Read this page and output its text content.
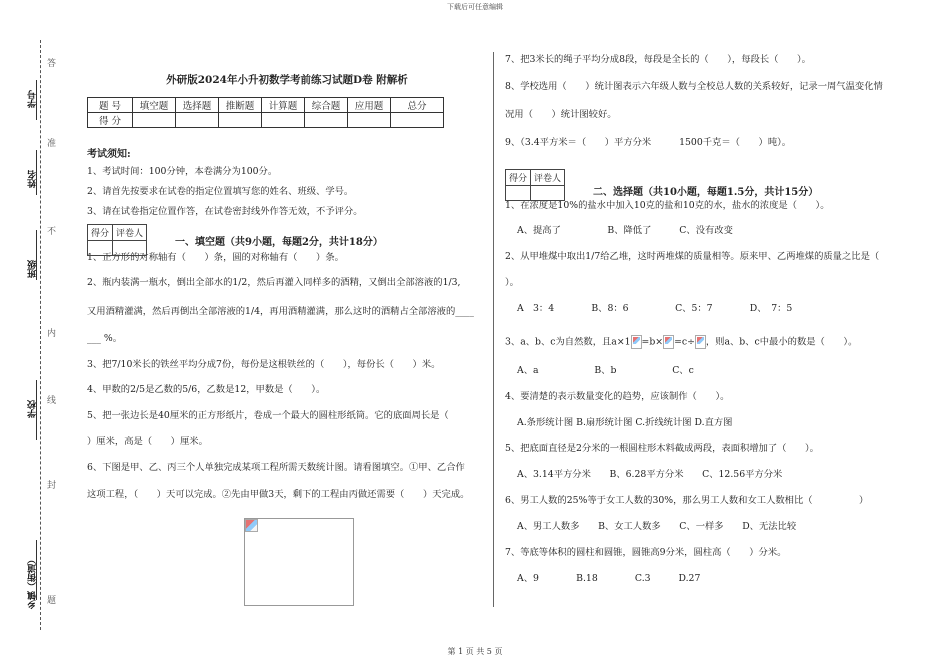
下载后可任意编辑
学号
姓名
班级
学校
乡镇（街道）
答
准
不
内
线
封
题
外研版2024年小升初数学考前练习试题D卷 附解析
题 号	填空题	选择题	推断题	计算题	综合题	应用题	总分
得 分							
考试须知:
1、考试时间：100分钟，本卷满分为100分。
2、请首先按要求在试卷的指定位置填写您的姓名、班级、学号。
3、请在试卷指定位置作答，在试卷密封线外作答无效，不予评分。
得分	评卷人

一、填空题（共9小题，每题2分，共计18分）
1、正方形的对称轴有（　　）条，圆的对称轴有（　　）条。
2、瓶内装满一瓶水，倒出全部水的1/2，然后再灌入同样多的酒精，又倒出全部溶液的1/3,
又用酒精灌满，然后再倒出全部溶液的1/4，再用酒精灌满，那么这时的酒精占全部溶液的____
___ %。
3、把7/10米长的铁丝平均分成7份，每份是这根铁丝的（　　），每份长（　　）米。
4、甲数的2/5是乙数的5/6，乙数是12，甲数是（　　）。
5、把一张边长是40厘米的正方形纸片，卷成一个最大的圆柱形纸筒。它的底面周长是（
）厘米，高是（　　）厘米。
6、下图是甲、乙、丙三个人单独完成某项工程所需天数统计图。请看图填空。①甲、乙合作
这项工程，（　　）天可以完成。②先由甲做3天，剩下的工程由丙做还需要（　　）天完成。
7、把3米长的绳子平均分成8段，每段是全长的（　　），每段长（　　）。
8、学校选用（　　）统计图表示六年级人数与全校总人数的关系较好，记录一周气温变化情
况用（　　）统计图较好。
9、（3.4平方米＝（　　）平方分米　　　1500千克＝（　　）吨）。
得分	评卷人

二、选择题（共10小题，每题1.5分，共计15分）
1、在浓度是10%的盐水中加入10克的盐和10克的水，盐水的浓度是（　　）。
A、提高了　　　　　B、降低了　　　C、没有改变
2、从甲堆煤中取出1/7给乙堆，这时两堆煤的质量相等。原来甲、乙两堆煤的质量之比是（
）。
A　3：4　　　　B、8：6　　　　　C、5：7　　　　D、　7：5
3、a、b、c为自然数，且a×1 =b× =c÷ ，则a、b、c中最小的数是（　　）。
A、a　　　　　　B、b　　　　　　C、c
4、要清楚的表示数量变化的趋势，应该制作（　　）。
A.条形统计图 B.扇形统计图 C.折线统计图 D.直方图
5、把底面直径是2分米的一根圆柱形木料截成两段，表面积增加了（　　）。
A、3.14平方分米　　B、6.28平方分米　　C、12.56平方分米
6、男工人数的25%等于女工人数的30%，那么男工人数和女工人数相比（　　　　　）
A、男工人数多　　B、女工人数多　　C、一样多　　D、无法比较
7、等底等体积的圆柱和圆锥，圆锥高9分米，圆柱高（　　）分米。
A、9　　　　B.18　　　　C.3　　　D.27
第 1 页 共 5 页
